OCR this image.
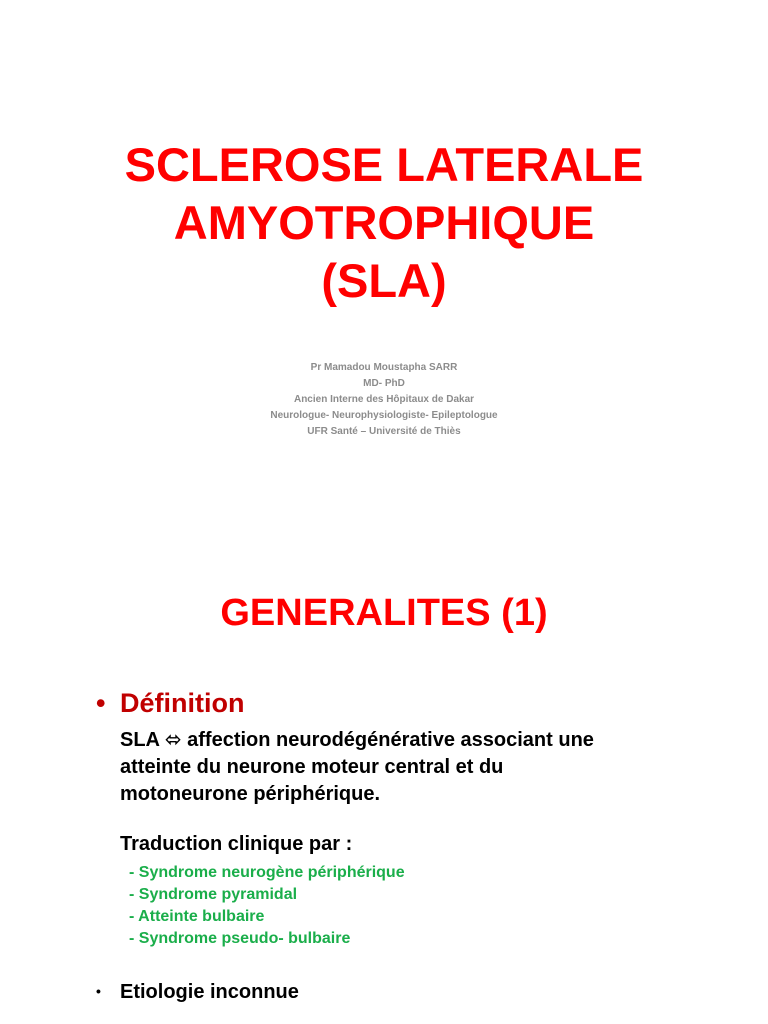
SCLEROSE LATERALE
AMYOTROPHIQUE
(SLA)
Pr Mamadou Moustapha SARR
MD- PhD
Ancien Interne des Hôpitaux de Dakar
Neurologue- Neurophysiologiste- Epileptologue
UFR Santé – Université de Thiès
GENERALITES (1)
• Définition
SLA ⬄ affection neurodégénérative associant une
atteinte du neurone moteur central et du
motoneurone périphérique.
Traduction clinique par :
- Syndrome neurogène périphérique
- Syndrome pyramidal
- Atteinte bulbaire
- Syndrome pseudo- bulbaire
• Etiologie inconnue
